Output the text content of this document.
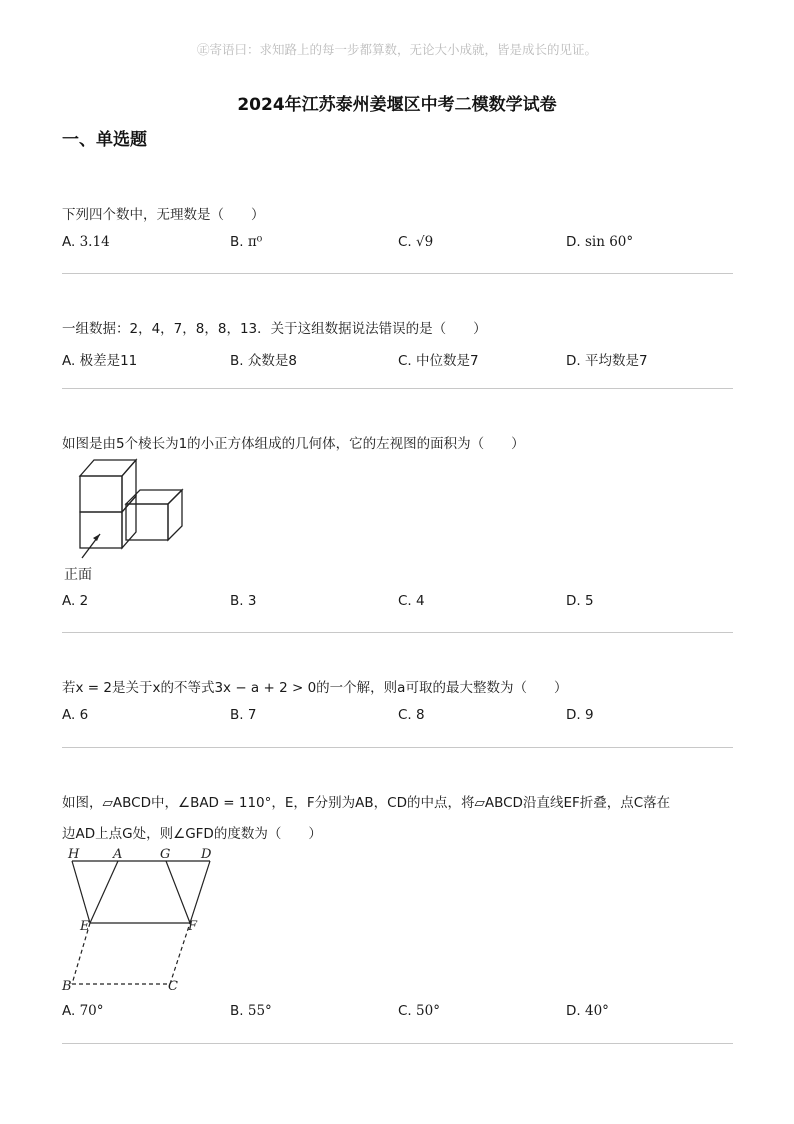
㊣寄语曰：求知路上的每一步都算数，无论大小成就，皆是成长的见证。
2024年江苏泰州姜堰区中考二模数学试卷
一、单选题
下列四个数中，无理数是（　　）
A. 3.14	B. π⁰	C. √9	D. sin 60°
一组数据：2，4，7，8，8，13．关于这组数据说法错误的是（　　）
A. 极差是11	B. 众数是8	C. 中位数是7	D. 平均数是7
如图是由5个棱长为1的小正方体组成的几何体，它的左视图的面积为（　　）
正面
A. 2	B. 3	C. 4	D. 5
若x = 2是关于x的不等式3x − a + 2 > 0的一个解，则a可取的最大整数为（　　）
A. 6	B. 7	C. 8	D. 9
如图，▱ABCD中，∠BAD = 110°，E，F分别为AB，CD的中点，将▱ABCD沿直线EF折叠，点C落在
边AD上点G处，则∠GFD的度数为（　　）
H	A	G D
E	F
B	C
A. 70°	B. 55°	C. 50°	D. 40°
